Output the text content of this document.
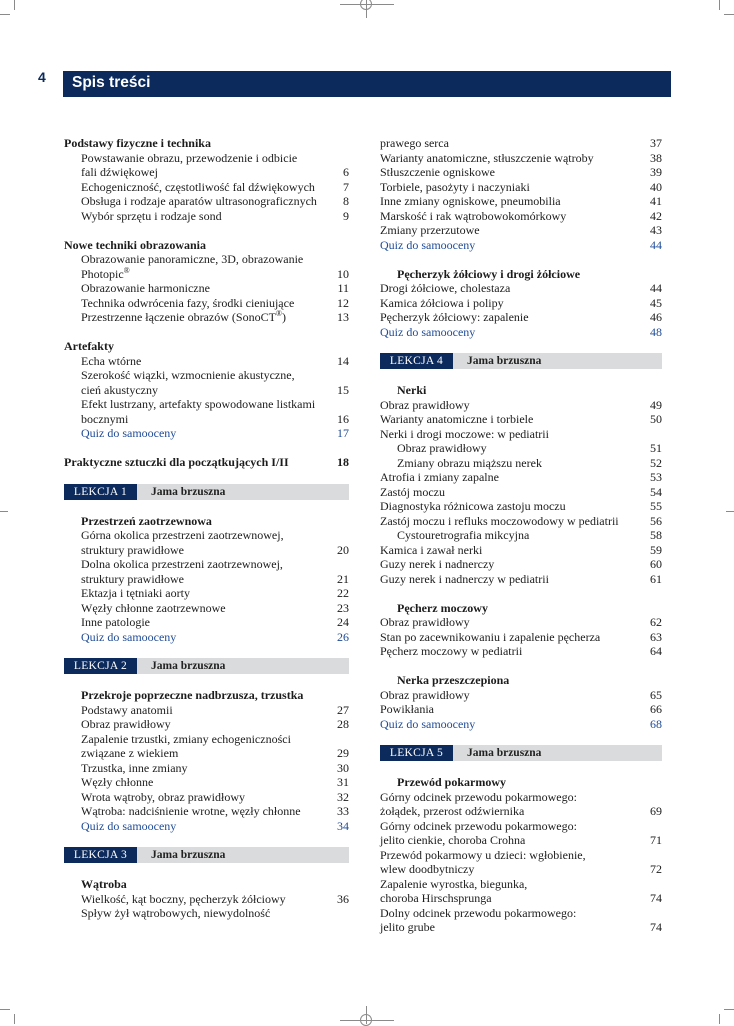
4 Spis treści
Podstawy fizyczne i technika
Powstawanie obrazu, przewodzenie i odbicie
fali dźwiękowej	6
Echogeniczność, częstotliwość fal dźwiękowych 7
Obsługa i rodzaje aparatów ultrasonograficznych 8
Wybór sprzętu i rodzaje sond	9
Nowe techniki obrazowania
Obrazowanie panoramiczne, 3D, obrazowanie
Photopic®	10
Obrazowanie harmoniczne	11
Technika odwrócenia fazy, środki cieniujące	12
Przestrzenne łączenie obrazów (SonoCT®)	13
Artefakty
Echa wtórne	14
Szerokość wiązki, wzmocnienie akustyczne,
cień akustyczny	15
Efekt lustrzany, artefakty spowodowane listkami
bocznymi	16
Quiz do samooceny	17
Praktyczne sztuczki dla początkujących I/II	18
LEKCJA 1	Jama brzuszna
Przestrzeń zaotrzewnowa
Górna okolica przestrzeni zaotrzewnowej,
struktury prawidłowe	20
Dolna okolica przestrzeni zaotrzewnowej,
struktury prawidłowe	21
Ektazja i tętniaki aorty	22
Węzły chłonne zaotrzewnowe	23
Inne patologie	24
Quiz do samooceny	26
LEKCJA 2	Jama brzuszna
Przekroje poprzeczne nadbrzusza, trzustka
Podstawy anatomii	27
Obraz prawidłowy	28
Zapalenie trzustki, zmiany echogeniczności
związane z wiekiem	29
Trzustka, inne zmiany	30
Węzły chłonne	31
Wrota wątroby, obraz prawidłowy	32
Wątroba: nadciśnienie wrotne, węzły chłonne	33
Quiz do samooceny	34
LEKCJA 3	Jama brzuszna
Wątroba
Wielkość, kąt boczny, pęcherzyk żółciowy	36
Spływ żył wątrobowych, niewydolność
prawego serca	37
Warianty anatomiczne, stłuszczenie wątroby	38
Stłuszczenie ogniskowe	39
Torbiele, pasożyty i naczyniaki	40
Inne zmiany ogniskowe, pneumobilia	41
Marskość i rak wątrobowokomórkowy	42
Zmiany przerzutowe	43
Quiz do samooceny	44
Pęcherzyk żółciowy i drogi żółciowe
Drogi żółciowe, cholestaza	44
Kamica żółciowa i polipy	45
Pęcherzyk żółciowy: zapalenie	46
Quiz do samooceny	48
LEKCJA 4	Jama brzuszna
Nerki
Obraz prawidłowy	49
Warianty anatomiczne i torbiele	50
Nerki i drogi moczowe: w pediatrii
Obraz prawidłowy	51
Zmiany obrazu miąższu nerek	52
Atrofia i zmiany zapalne	53
Zastój moczu	54
Diagnostyka różnicowa zastoju moczu	55
Zastój moczu i refluks moczowodowy w pediatrii	56
Cystouretrografia mikcyjna	58
Kamica i zawał nerki	59
Guzy nerek i nadnerczy	60
Guzy nerek i nadnerczy w pediatrii	61
Pęcherz moczowy
Obraz prawidłowy	62
Stan po zacewnikowaniu i zapalenie pęcherza	63
Pęcherz moczowy w pediatrii	64
Nerka przeszczepiona
Obraz prawidłowy	65
Powikłania	66
Quiz do samooceny	68
LEKCJA 5	Jama brzuszna
Przewód pokarmowy
Górny odcinek przewodu pokarmowego:
żołądek, przerost odźwiernika	69
Górny odcinek przewodu pokarmowego:
jelito cienkie, choroba Crohna	71
Przewód pokarmowy u dzieci: wgłobienie,
wlew doodbytniczy	72
Zapalenie wyrostka, biegunka,
choroba Hirschsprunga	74
Dolny odcinek przewodu pokarmowego:
jelito grube	74
